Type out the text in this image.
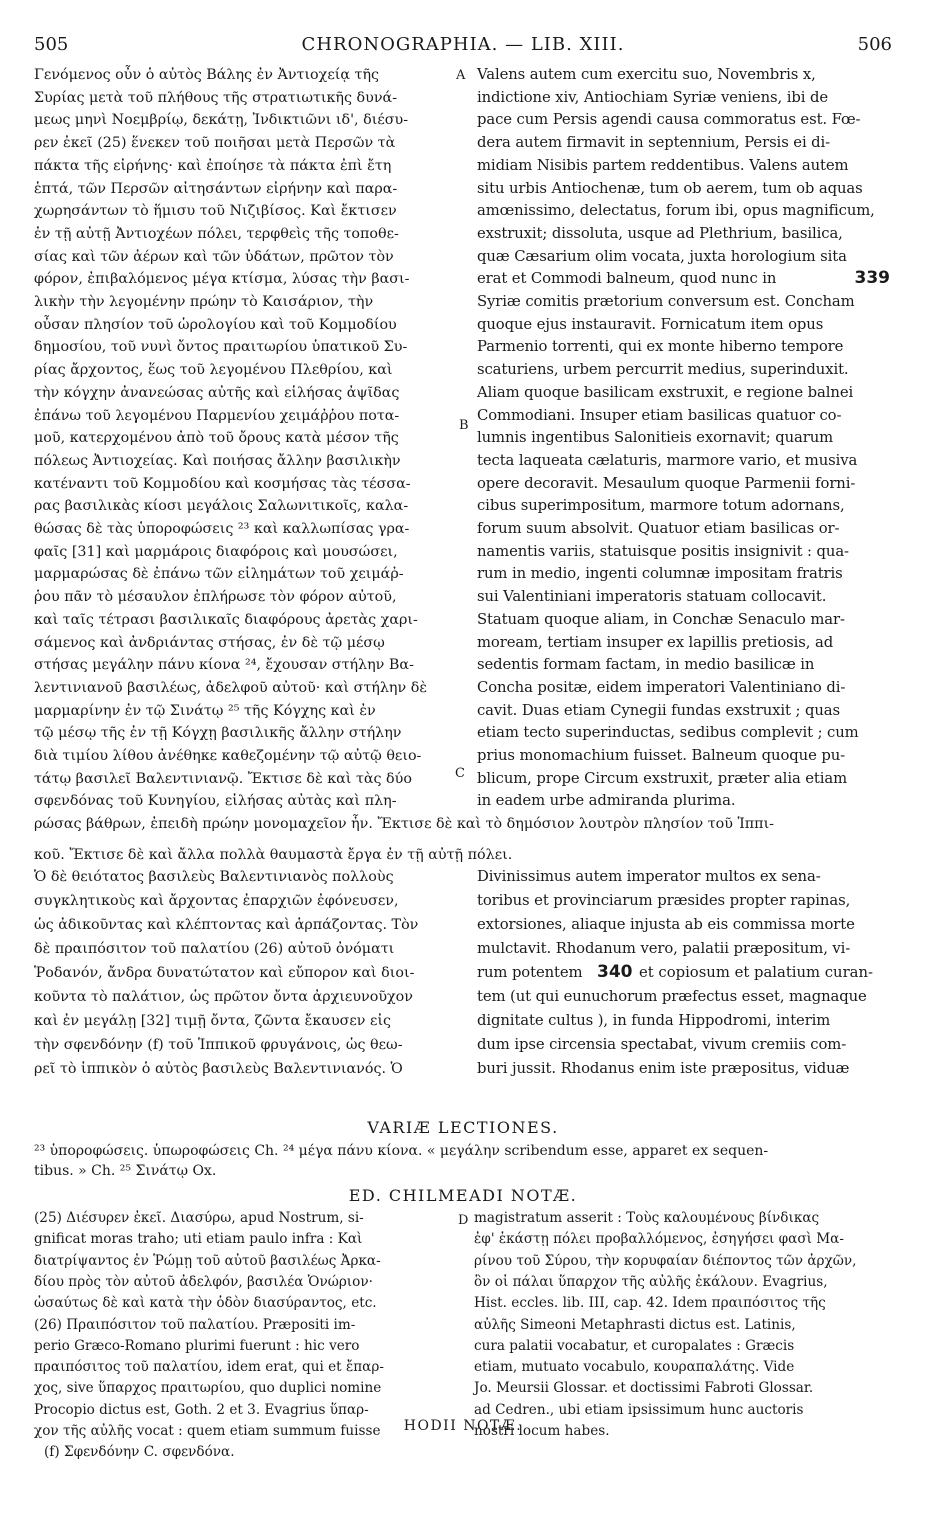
505	CHRONOGRAPHIA. — LIB. XIII.	506
Γενόμενος οὖν ὁ αὐτὸς Βάλης ἐν Ἀντιοχείᾳ τῆς
Συρίας μετὰ τοῦ πλήθους τῆς στρατιωτικῆς δυνά-
μεως μηνὶ Νοεμβρίῳ, δεκάτῃ, Ἰνδικτιῶνι ιδ', διέσυ-
ρεν ἐκεῖ (25) ἕνεκεν τοῦ ποιῆσαι μετὰ Περσῶν τὰ
πάκτα τῆς εἰρήνης· καὶ ἐποίησε τὰ πάκτα ἐπὶ ἔτη
ἑπτά, τῶν Περσῶν αἰτησάντων εἰρήνην καὶ παρα-
χωρησάντων τὸ ἥμισυ τοῦ Νιζιβίσος. Καὶ ἔκτισεν
ἐν τῇ αὐτῇ Ἀντιοχέων πόλει, τερφθεὶς τῆς τοποθε-
σίας καὶ τῶν ἀέρων καὶ τῶν ὑδάτων, πρῶτον τὸν
φόρον, ἐπιβαλόμενος μέγα κτίσμα, λύσας τὴν βασι-
λικὴν τὴν λεγομένην πρώην τὸ Καισάριον, τὴν
οὖσαν πλησίον τοῦ ὡρολογίου καὶ τοῦ Κομμοδίου
δημοσίου, τοῦ νυνὶ ὄντος πραιτωρίου ὑπατικοῦ Συ-
ρίας ἄρχοντος, ἕως τοῦ λεγομένου Πλεθρίου, καὶ
τὴν κόγχην ἀνανεώσας αὐτῆς καὶ εἱλήσας ἀψῖδας
ἐπάνω τοῦ λεγομένου Παρμενίου χειμάῤῥου ποτα-
μοῦ, κατερχομένου ἀπὸ τοῦ ὄρους κατὰ μέσον τῆς
πόλεως Ἀντιοχείας. Καὶ ποιήσας ἄλλην βασιλικὴν
κατέναντι τοῦ Κομμοδίου καὶ κοσμήσας τὰς τέσσα-
ρας βασιλικὰς κίοσι μεγάλοις Σαλωνιτικοῖς, καλα-
θώσας δὲ τὰς ὑποροφώσεις ²³ καὶ καλλωπίσας γρα-
φαῖς [31] καὶ μαρμάροις διαφόροις καὶ μουσώσει,
μαρμαρώσας δὲ ἐπάνω τῶν εἱλημάτων τοῦ χειμάῤ-
ῥου πᾶν τὸ μέσαυλον ἐπλήρωσε τὸν φόρον αὐτοῦ,
καὶ ταῖς τέτρασι βασιλικαῖς διαφόρους ἀρετὰς χαρι-
σάμενος καὶ ἀνδριάντας στήσας, ἐν δὲ τῷ μέσῳ
στήσας μεγάλην πάνυ κίονα ²⁴, ἔχουσαν στήλην Βα-
λεντινιανοῦ βασιλέως, ἀδελφοῦ αὐτοῦ· καὶ στήλην δὲ
μαρμαρίνην ἐν τῷ Σινάτῳ ²⁵ τῆς Κόγχης καὶ ἐν
τῷ μέσῳ τῆς ἐν τῇ Κόγχῃ βασιλικῆς ἄλλην στήλην
διὰ τιμίου λίθου ἀνέθηκε καθεζομένην τῷ αὐτῷ θειο-
τάτῳ βασιλεῖ Βαλεντινιανῷ. Ἔκτισε δὲ καὶ τὰς δύο
σφενδόνας τοῦ Κυνηγίου, εἱλήσας αὐτὰς καὶ πλη-
ρώσας βάθρων, ἐπειδὴ πρώην μονομαχεῖον ἦν. Ἔκτισε δὲ καὶ τὸ δημόσιον λουτρὸν πλησίον τοῦ Ἱππι-
A
B
C
D
Valens autem cum exercitu suo, Novembris x,
indictione xiv, Antiochiam Syriæ veniens, ibi de
pace cum Persis agendi causa commoratus est. Fœ-
dera autem firmavit in septennium, Persis ei di-
midiam Nisibis partem reddentibus. Valens autem
situ urbis Antiochenæ, tum ob aerem, tum ob aquas
amœnissimo, delectatus, forum ibi, opus magnificum,
exstruxit; dissoluta, usque ad Plethrium, basilica,
quæ Cæsarium olim vocata, juxta horologium sita
erat et Commodi balneum, quod nunc in
Syriæ comitis prætorium conversum est. Concham
quoque ejus instauravit. Fornicatum item opus
Parmenio torrenti, qui ex monte hiberno tempore
scaturiens, urbem percurrit medius, superinduxit.
Aliam quoque basilicam exstruxit, e regione balnei
Commodiani. Insuper etiam basilicas quatuor co-
lumnis ingentibus Salonitieis exornavit; quarum
tecta laqueata cælaturis, marmore vario, et musiva
opere decoravit. Mesaulum quoque Parmenii forni-
cibus superimpositum, marmore totum adornans,
forum suum absolvit. Quatuor etiam basilicas or-
namentis variis, statuisque positis insignivit : qua-
rum in medio, ingenti columnæ impositam fratris
sui Valentiniani imperatoris statuam collocavit.
Statuam quoque aliam, in Conchæ Senaculo mar-
moream, tertiam insuper ex lapillis pretiosis, ad
sedentis formam factam, in medio basilicæ in
Concha positæ, eidem imperatori Valentiniano di-
cavit. Duas etiam Cynegii fundas exstruxit ; quas
etiam tecto superinductas, sedibus complevit ; cum
prius monomachium fuisset. Balneum quoque pu-
blicum, prope Circum exstruxit, præter alia etiam
in eadem urbe admiranda plurima.
339
κοῦ. Ἔκτισε δὲ καὶ ἄλλα πολλὰ θαυμαστὰ ἔργα ἐν τῇ αὐτῇ πόλει.
Ὁ δὲ θειότατος βασιλεὺς Βαλεντινιανὸς πολλοὺς
συγκλητικοὺς καὶ ἄρχοντας ἐπαρχιῶν ἐφόνευσεν,
ὡς ἀδικοῦντας καὶ κλέπτοντας καὶ ἁρπάζοντας. Τὸν
δὲ πραιπόσιτον τοῦ παλατίου (26) αὐτοῦ ὀνόματι
Ῥοδανόν, ἄνδρα δυνατώτατον καὶ εὔπορον καὶ διοι-
κοῦντα τὸ παλάτιον, ὡς πρῶτον ὄντα ἀρχιευνοῦχον
καὶ ἐν μεγάλῃ [32] τιμῇ ὄντα, ζῶντα ἔκαυσεν εἰς
τὴν σφενδόνην (f) τοῦ Ἱππικοῦ φρυγάνοις, ὡς θεω-
ρεῖ τὸ ἱππικὸν ὁ αὐτὸς βασιλεὺς Βαλεντινιανός. Ὁ
Divinissimus autem imperator multos ex sena-
toribus et provinciarum præsides propter rapinas,
extorsiones, aliaque injusta ab eis commissa morte
mulctavit. Rhodanum vero, palatii præpositum, vi-
rum potentem
tem (ut qui eunuchorum præfectus esset, magnaque
dignitate cultus ), in funda Hippodromi, interim
dum ipse circensia spectabat, vivum cremiis com-
buri jussit. Rhodanus enim iste præpositus, viduæ
340 et copiosum et palatium curan-
VARIÆ LECTIONES.
²³ ὑποροφώσεις. ὑπωροφώσεις Ch. ²⁴ μέγα πάνυ κίονα. « μεγάλην scribendum esse, apparet ex sequen-
tibus. » Ch. ²⁵ Σινάτῳ Ox.
ED. CHILMEADI NOTÆ.
(25) Διέσυρεν ἐκεῖ. Διασύρω, apud Nostrum, si-
gnificat moras traho; uti etiam paulo infra : Καὶ
διατρίψαντος ἐν Ῥώμῃ τοῦ αὐτοῦ βασιλέως Ἀρκα-
δίου πρὸς τὸν αὐτοῦ ἀδελφόν, βασιλέα Ὁνώριον·
ὡσαύτως δὲ καὶ κατὰ τὴν ὁδὸν διασύραντος, etc.
(26) Πραιπόσιτον τοῦ παλατίου. Præpositi im-
perio Græco-Romano plurimi fuerunt : hic vero
πραιπόσιτος τοῦ παλατίου, idem erat, qui et ἔπαρ-
χος, sive ὕπαρχος πραιτωρίου, quo duplici nomine
Procopio dictus est, Goth. 2 et 3. Evagrius ὕπαρ-
χον τῆς αὐλῆς vocat : quem etiam summum fuisse
magistratum asserit : Τοὺς καλουμένους βίνδικας
ἐφ' ἑκάστῃ πόλει προβαλλόμενος, ἐσηγήσει φασὶ Μα-
ρίνου τοῦ Σύρου, τὴν κορυφαίαν διέποντος τῶν ἀρχῶν,
ὃν οἱ πάλαι ὕπαρχον τῆς αὐλῆς ἐκάλουν. Evagrius,
Hist. eccles. lib. III, cap. 42. Idem πραιπόσιτος τῆς
αὐλῆς Simeoni Metaphrasti dictus est. Latinis,
cura palatii vocabatur, et curopalates : Græcis
etiam, mutuato vocabulo, κουραπαλάτης. Vide
Jo. Meursii Glossar. et doctissimi Fabroti Glossar.
ad Cedren., ubi etiam ipsissimum hunc auctoris
nostri locum habes.
HODII NOTÆ.
(f) Σφενδόνην C. σφενδόνα.
